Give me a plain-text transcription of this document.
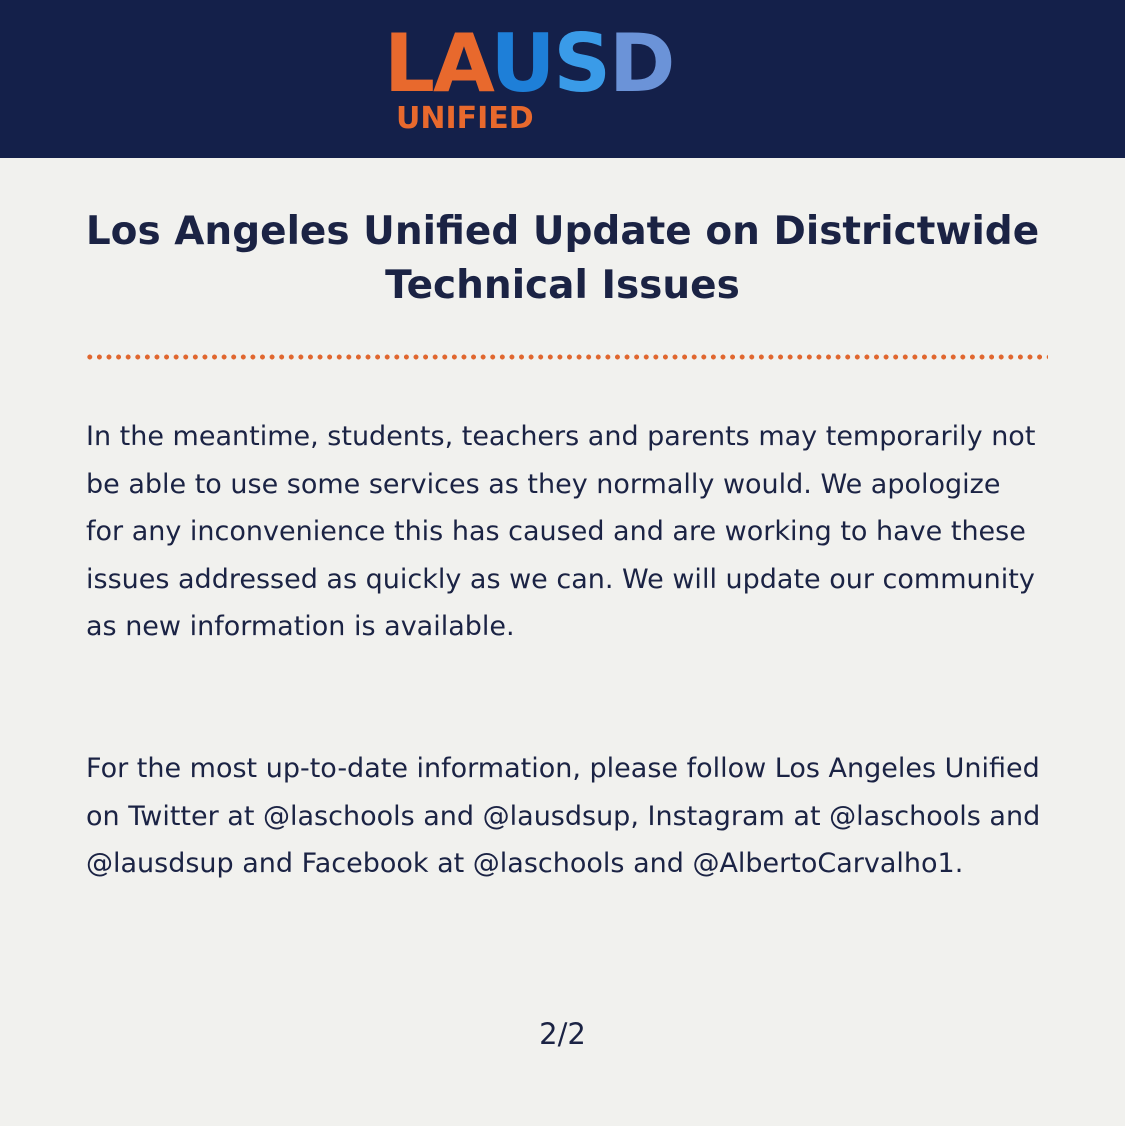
LAUSD
UNIFIED
Los Angeles Unified Update on Districtwide Technical Issues

In the meantime, students, teachers and parents may temporarily not be able to use some services as they normally would. We apologize for any inconvenience this has caused and are working to have these issues addressed as quickly as we can. We will update our community as new information is available.

For the most up-to-date information, please follow Los Angeles Unified on Twitter at @laschools and @lausdsup, Instagram at @laschools and @lausdsup and Facebook at @laschools and @AlbertoCarvalho1.

2/2
